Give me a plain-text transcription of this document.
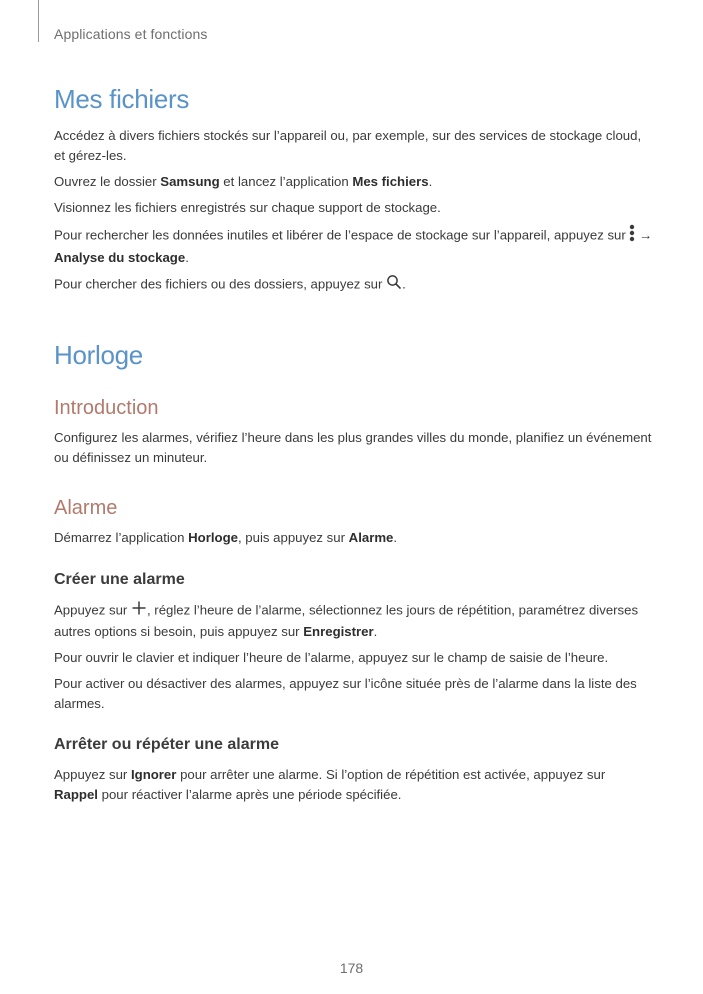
Applications et fonctions
Mes fichiers

Accédez à divers fichiers stockés sur l’appareil ou, par exemple, sur des services de stockage cloud, et gérez-les.

Ouvrez le dossier Samsung et lancez l’application Mes fichiers.

Visionnez les fichiers enregistrés sur chaque support de stockage.

Pour rechercher les données inutiles et libérer de l’espace de stockage sur l’appareil, appuyez sur  →
Analyse du stockage.

Pour chercher des fichiers ou des dossiers, appuyez sur .

Horloge
Introduction

Configurez les alarmes, vérifiez l’heure dans les plus grandes villes du monde, planifiez un événement ou définissez un minuteur.

Alarme

Démarrez l’application Horloge, puis appuyez sur Alarme.

Créer une alarme

Appuyez sur , réglez l’heure de l’alarme, sélectionnez les jours de répétition, paramétrez diverses autres options si besoin, puis appuyez sur Enregistrer.

Pour ouvrir le clavier et indiquer l’heure de l’alarme, appuyez sur le champ de saisie de l’heure.

Pour activer ou désactiver des alarmes, appuyez sur l’icône située près de l’alarme dans la liste des alarmes.

Arrêter ou répéter une alarme

Appuyez sur Ignorer pour arrêter une alarme. Si l’option de répétition est activée, appuyez sur
Rappel pour réactiver l’alarme après une période spécifiée.

178
